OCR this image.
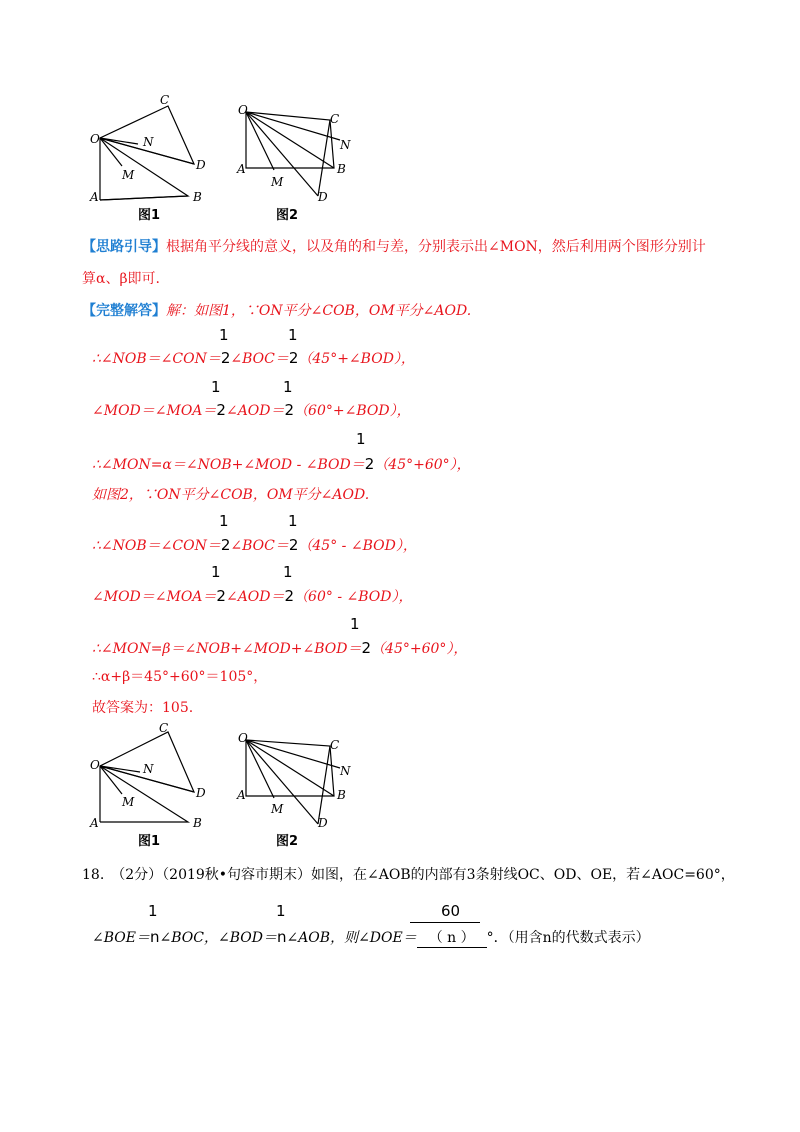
O
C
N
D
M
A	B
图1
O
C
N
A	B
M
D
图2
【思路引导】根据角平分线的意义，以及角的和与差，分别表示出∠MON，然后利用两个图形分别计
算α、β即可.
【完整解答】解：如图1，∵ON平分∠COB，OM平分∠AOD.
1	1
∴∠NOB＝∠CON＝2∠BOC＝2（45°+∠BOD），
1	1
∠MOD＝∠MOA＝2∠AOD＝2（60°+∠BOD），
1
∴∠MON=α＝∠NOB+∠MOD - ∠BOD＝2（45°+60°），
如图2，∵ON平分∠COB，OM平分∠AOD.
1	1
∴∠NOB＝∠CON＝2∠BOC＝2（45° - ∠BOD），
1	1
∠MOD＝∠MOA＝2∠AOD＝2（60° - ∠BOD），
1
∴∠MON=β＝∠NOB+∠MOD+∠BOD＝2（45°+60°），
∴α+β＝45°+60°＝105°，
故答案为：105.
O
C
N
D
M
A	B
图1
O	C
N
A	B
M
D
图2
18.　（2分）（2019秋•句容市期末）如图，在∠AOB的内部有3条射线OC、OD、OE，若∠AOC=60°，
1	1	60
∠BOE＝n∠BOC，∠BOD＝n∠AOB，则∠DOE＝ （ n ） °．（用含n的代数式表示）
